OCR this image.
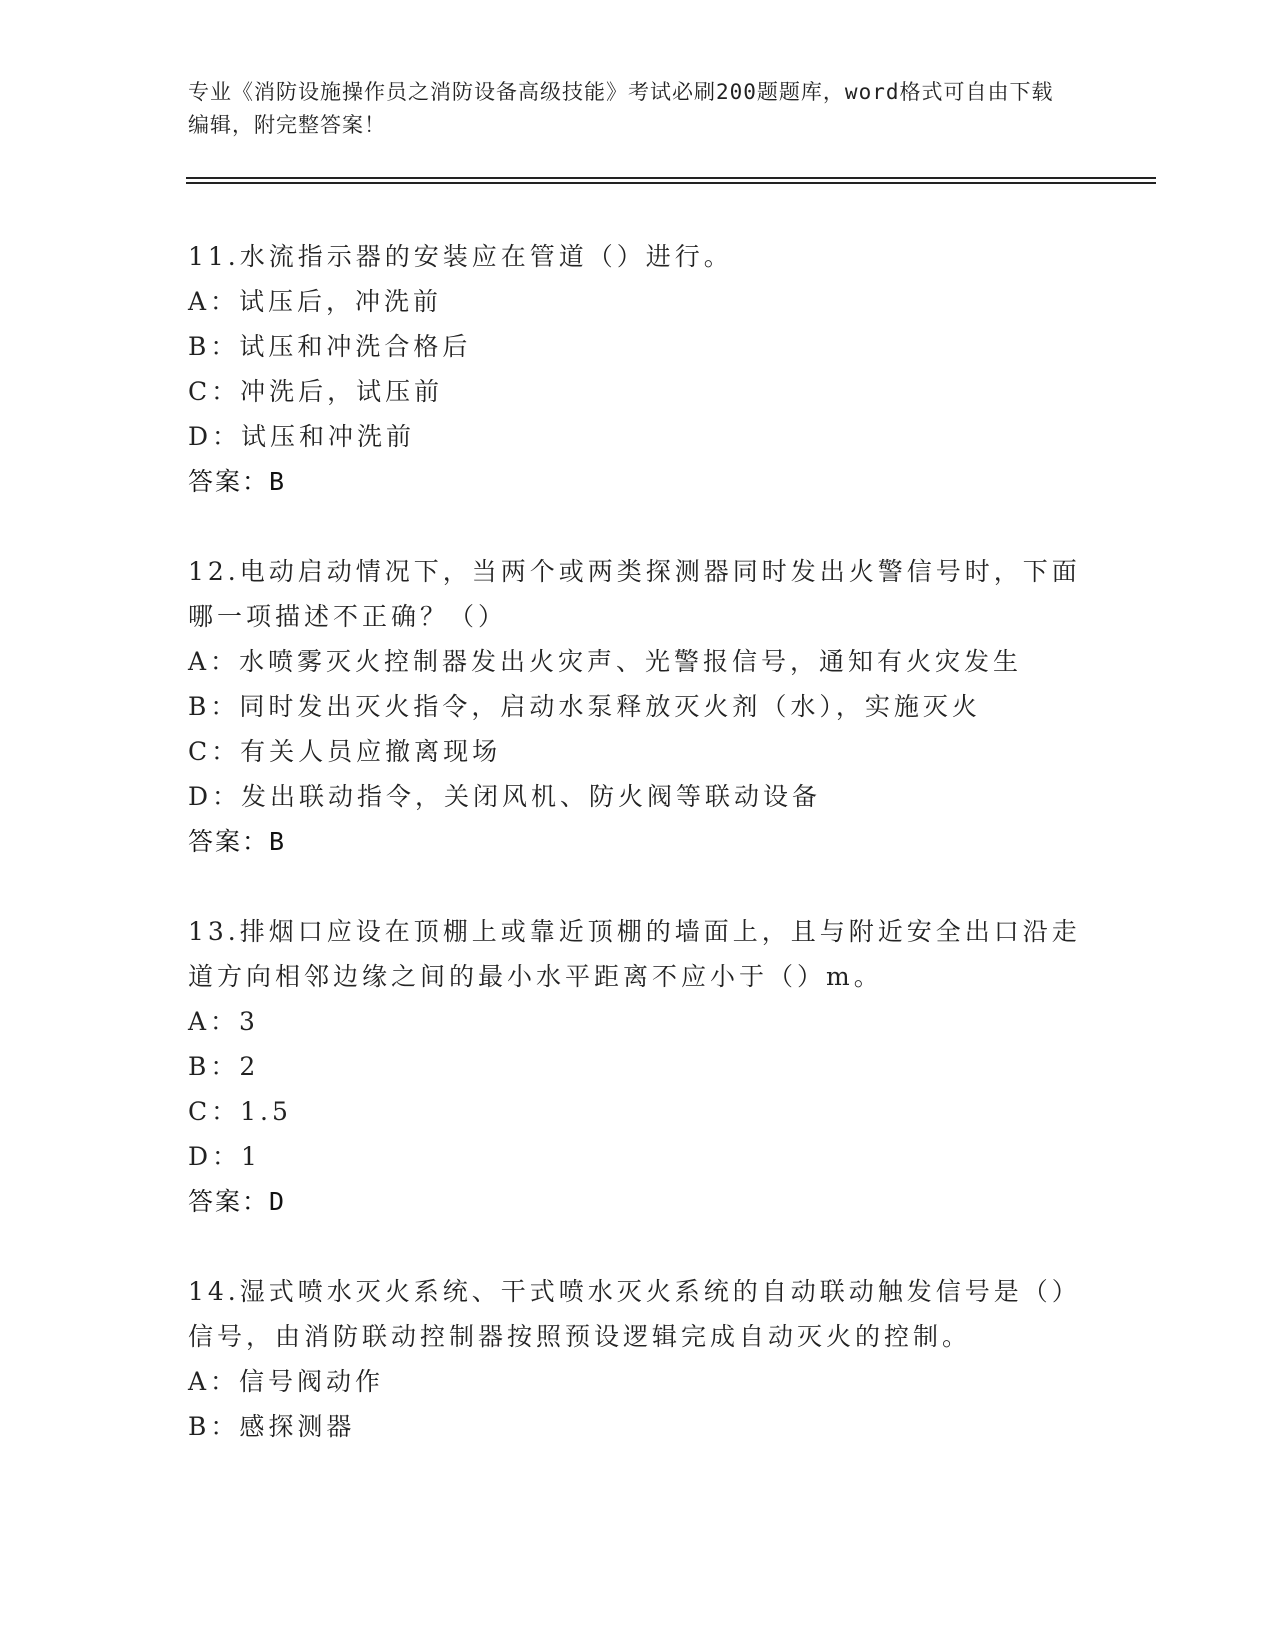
专业《消防设施操作员之消防设备高级技能》考试必刷200题题库，word格式可自由下载编辑，附完整答案！
11.水流指示器的安装应在管道（）进行。
A：试压后，冲洗前
B：试压和冲洗合格后
C：冲洗后，试压前
D：试压和冲洗前
答案：B
12.电动启动情况下，当两个或两类探测器同时发出火警信号时，下面哪一项描述不正确？（）
A：水喷雾灭火控制器发出火灾声、光警报信号，通知有火灾发生
B：同时发出灭火指令，启动水泵释放灭火剂（水），实施灭火
C：有关人员应撤离现场
D：发出联动指令，关闭风机、防火阀等联动设备
答案：B
13.排烟口应设在顶棚上或靠近顶棚的墙面上，且与附近安全出口沿走道方向相邻边缘之间的最小水平距离不应小于（）m。
A：3
B：2
C：1.5
D：1
答案：D
14.湿式喷水灭火系统、干式喷水灭火系统的自动联动触发信号是（）信号，由消防联动控制器按照预设逻辑完成自动灭火的控制。
A：信号阀动作
B：感探测器
